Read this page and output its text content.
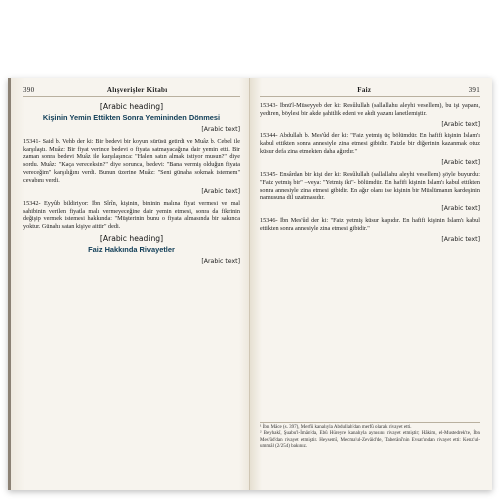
390	Alışverişler Kitabı
[Arabic heading]
Kişinin Yemin Ettikten Sonra Yemininden Dönmesi

[Arabic text]

15341- Said b. Vehb der ki: Bir bedevi bir koyun sürüsü getirdi ve Muâz b. Cebel ile karşılaştı. Muâz: Bir fiyat verince bedevi o fiyata satmayacağına dair yemin etti. Bir zaman sonra bedevi Muâz ile karşılaşınca: "Halen satın almak istiyor musun?" diye sordu. Muâz: "Kaça vereceksin?" diye sorunca, bedevi: "Bana vermiş olduğun fiyata vereceğim" karşılığını verdi. Bunun üzerine Muâz: "Seni günaha sokmak istemem" cevabını verdi.

[Arabic text]

15342- Eyyûb bildiriyor: İbn Sîrîn, kişinin, bininin malına fiyat vermesi ve mal sahibinin verilen fiyatla malı vermeyeceğine dair yemin etmesi, sonra da fikrinin değişip vermek istemesi hakkında: "Müşterinin bunu o fiyata almasında bir sakınca yoktur. Günahı satan kişiye aittir" dedi.

[Arabic heading]
Faiz Hakkında Rivayetler

[Arabic text]

Faiz	391

15343- İbnü'l-Müseyyeb der ki: Resûlullah (sallallahu aleyhi vesellem), bu işi yapanı, yediren, böylesi bir akde şahitlik edeni ve akdi yazanı lanetlemiştir.

[Arabic text]

15344- Abdullah b. Mes'ûd der ki: "Faiz yetmiş üç bölümdür. En hafifi kişinin İslam'ı kabul ettikten sonra annesiyle zina etmesi gibidir. Faizle bir diğerinin kazanmak otuz küsur defa zina etmekten daha ağırdır."

[Arabic text]

15345- Ensârdan bir kişi der ki: Resûlullah (sallallahu aleyhi vesellem) şöyle buyurdu: "Faiz yetmiş bir" –veya: "Yetmiş iki"- bölümdür. En hafifi kişinin İslam'ı kabul ettikten sonra annesiyle zina etmesi gibidir. En ağır olanı ise kişinin bir Müslümanın kardeşinin namusuna dil uzatmasıdır.

[Arabic text]

15346- İbn Mes'ûd der ki: "Faiz yetmiş küsur kapıdır. En hafifi kişinin İslam'ı kabul ettikten sonra annesiyle zina etmesi gibidir."

[Arabic text]

¹ İbn Mâce (s. 397), Merfû kanalıyla Abdullah'dan merfû olarak rivayet etti.

² Beyhakî, Şuabu'l-İmân'da, Ebû Hüreyre kanalıyla aynısını rivayet etmiştir; Hâkim, el-Mustedrek'te, İbn Mes'ûd'dan rivayet etmiştir. Heysemî, Mecma'ul-Zevâid'de, Taberânî'nin Evsat'ından rivayet etti: Kenz'ul-ummâl (2/254) bakınız.
